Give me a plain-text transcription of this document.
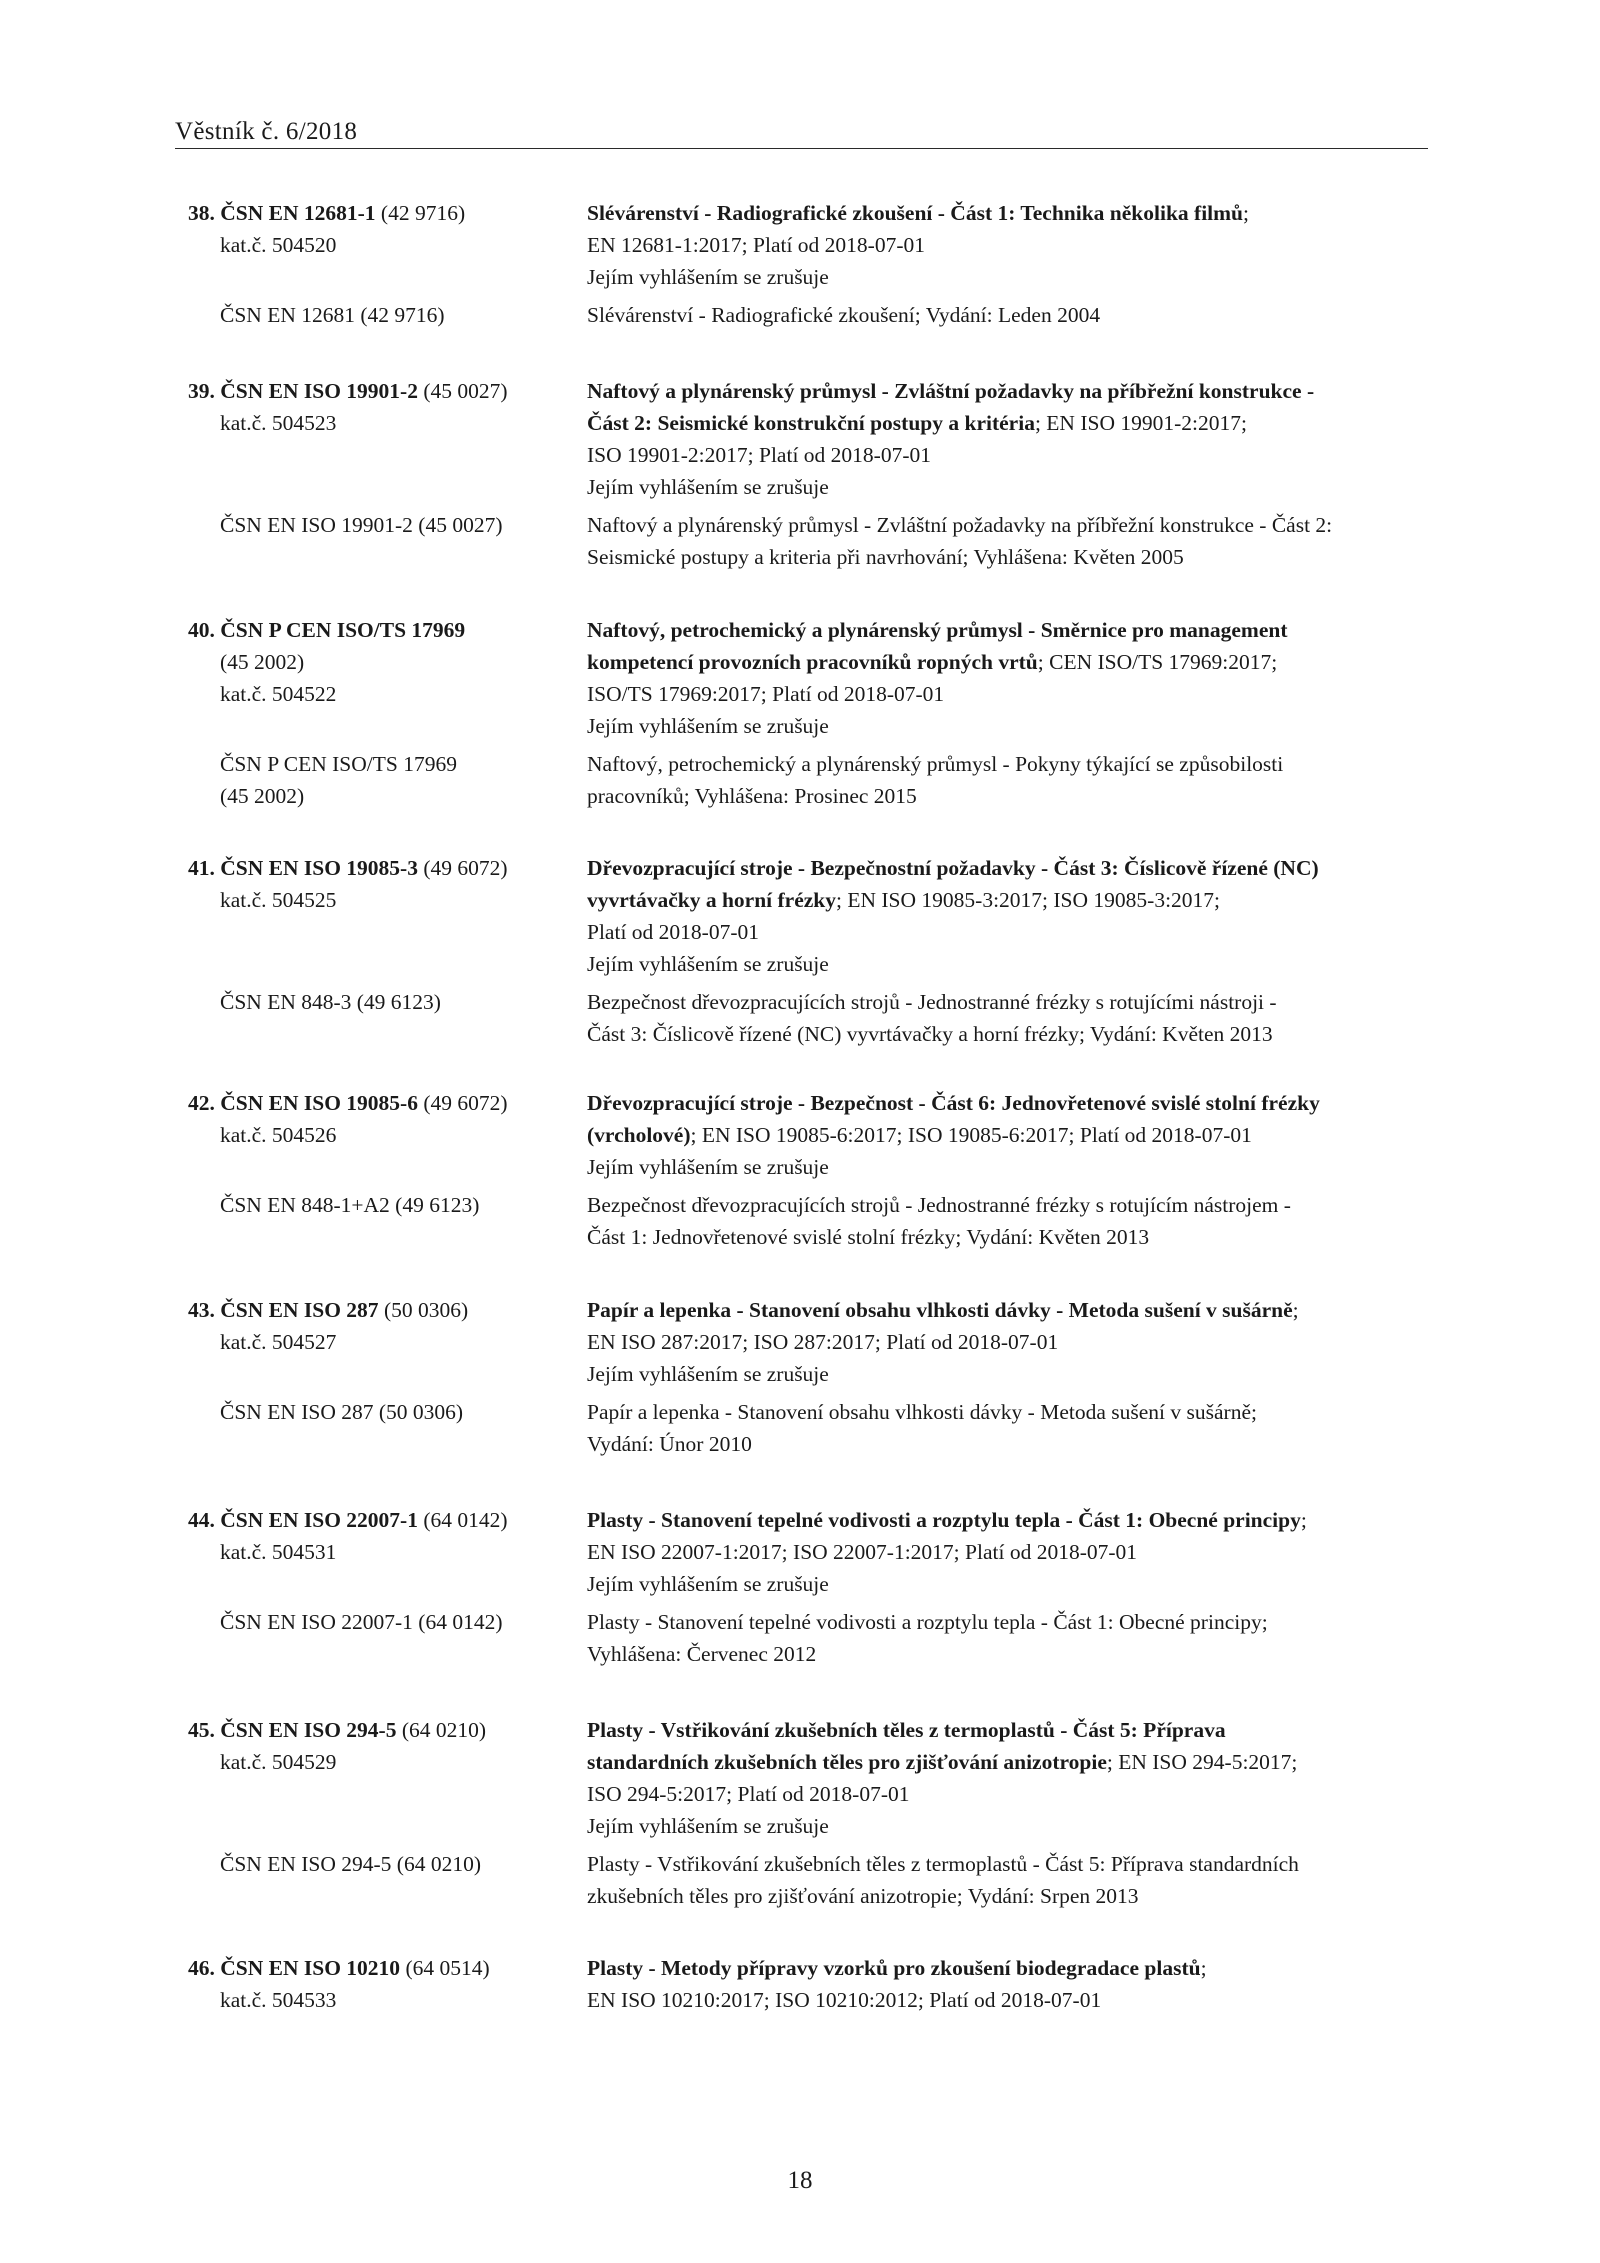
Věstník č. 6/2018
38. ČSN EN 12681-1 (42 9716)	Slévárenství - Radiografické zkoušení - Část 1: Technika několika filmů;
kat.č. 504520	EN 12681-1:2017; Platí od 2018-07-01
Jejím vyhlášením se zrušuje
ČSN EN 12681 (42 9716)	Slévárenství - Radiografické zkoušení; Vydání: Leden 2004
39. ČSN EN ISO 19901-2 (45 0027)	Naftový a plynárenský průmysl - Zvláštní požadavky na příbřežní konstrukce -
kat.č. 504523	Část 2: Seismické konstrukční postupy a kritéria; EN ISO 19901-2:2017;
ISO 19901-2:2017; Platí od 2018-07-01
Jejím vyhlášením se zrušuje
ČSN EN ISO 19901-2 (45 0027)	Naftový a plynárenský průmysl - Zvláštní požadavky na příbřežní konstrukce - Část 2:
Seismické postupy a kriteria při navrhování; Vyhlášena: Květen 2005
40. ČSN P CEN ISO/TS 17969	Naftový, petrochemický a plynárenský průmysl - Směrnice pro management
(45 2002)	kompetencí provozních pracovníků ropných vrtů; CEN ISO/TS 17969:2017;
kat.č. 504522	ISO/TS 17969:2017; Platí od 2018-07-01
Jejím vyhlášením se zrušuje
ČSN P CEN ISO/TS 17969	Naftový, petrochemický a plynárenský průmysl - Pokyny týkající se způsobilosti
(45 2002)	pracovníků; Vyhlášena: Prosinec 2015
41. ČSN EN ISO 19085-3 (49 6072)	Dřevozpracující stroje - Bezpečnostní požadavky - Část 3: Číslicově řízené (NC)
kat.č. 504525	vyvrtávačky a horní frézky; EN ISO 19085-3:2017; ISO 19085-3:2017;
Platí od 2018-07-01
Jejím vyhlášením se zrušuje
ČSN EN 848-3 (49 6123)	Bezpečnost dřevozpracujících strojů - Jednostranné frézky s rotujícími nástroji -
Část 3: Číslicově řízené (NC) vyvrtávačky a horní frézky; Vydání: Květen 2013
42. ČSN EN ISO 19085-6 (49 6072)	Dřevozpracující stroje - Bezpečnost - Část 6: Jednovřetenové svislé stolní frézky
kat.č. 504526	(vrcholové); EN ISO 19085-6:2017; ISO 19085-6:2017; Platí od 2018-07-01
Jejím vyhlášením se zrušuje
ČSN EN 848-1+A2 (49 6123)	Bezpečnost dřevozpracujících strojů - Jednostranné frézky s rotujícím nástrojem -
Část 1: Jednovřetenové svislé stolní frézky; Vydání: Květen 2013
43. ČSN EN ISO 287 (50 0306)	Papír a lepenka - Stanovení obsahu vlhkosti dávky - Metoda sušení v sušárně;
kat.č. 504527	EN ISO 287:2017; ISO 287:2017; Platí od 2018-07-01
Jejím vyhlášením se zrušuje
ČSN EN ISO 287 (50 0306)	Papír a lepenka - Stanovení obsahu vlhkosti dávky - Metoda sušení v sušárně;
Vydání: Únor 2010
44. ČSN EN ISO 22007-1 (64 0142)	Plasty - Stanovení tepelné vodivosti a rozptylu tepla - Část 1: Obecné principy;
kat.č. 504531	EN ISO 22007-1:2017; ISO 22007-1:2017; Platí od 2018-07-01
Jejím vyhlášením se zrušuje
ČSN EN ISO 22007-1 (64 0142)	Plasty - Stanovení tepelné vodivosti a rozptylu tepla - Část 1: Obecné principy;
Vyhlášena: Červenec 2012
45. ČSN EN ISO 294-5 (64 0210)	Plasty - Vstřikování zkušebních těles z termoplastů - Část 5: Příprava
kat.č. 504529	standardních zkušebních těles pro zjišťování anizotropie; EN ISO 294-5:2017;
ISO 294-5:2017; Platí od 2018-07-01
Jejím vyhlášením se zrušuje
ČSN EN ISO 294-5 (64 0210)	Plasty - Vstřikování zkušebních těles z termoplastů - Část 5: Příprava standardních
zkušebních těles pro zjišťování anizotropie; Vydání: Srpen 2013
46. ČSN EN ISO 10210 (64 0514)	Plasty - Metody přípravy vzorků pro zkoušení biodegradace plastů;
kat.č. 504533	EN ISO 10210:2017; ISO 10210:2012; Platí od 2018-07-01
18
